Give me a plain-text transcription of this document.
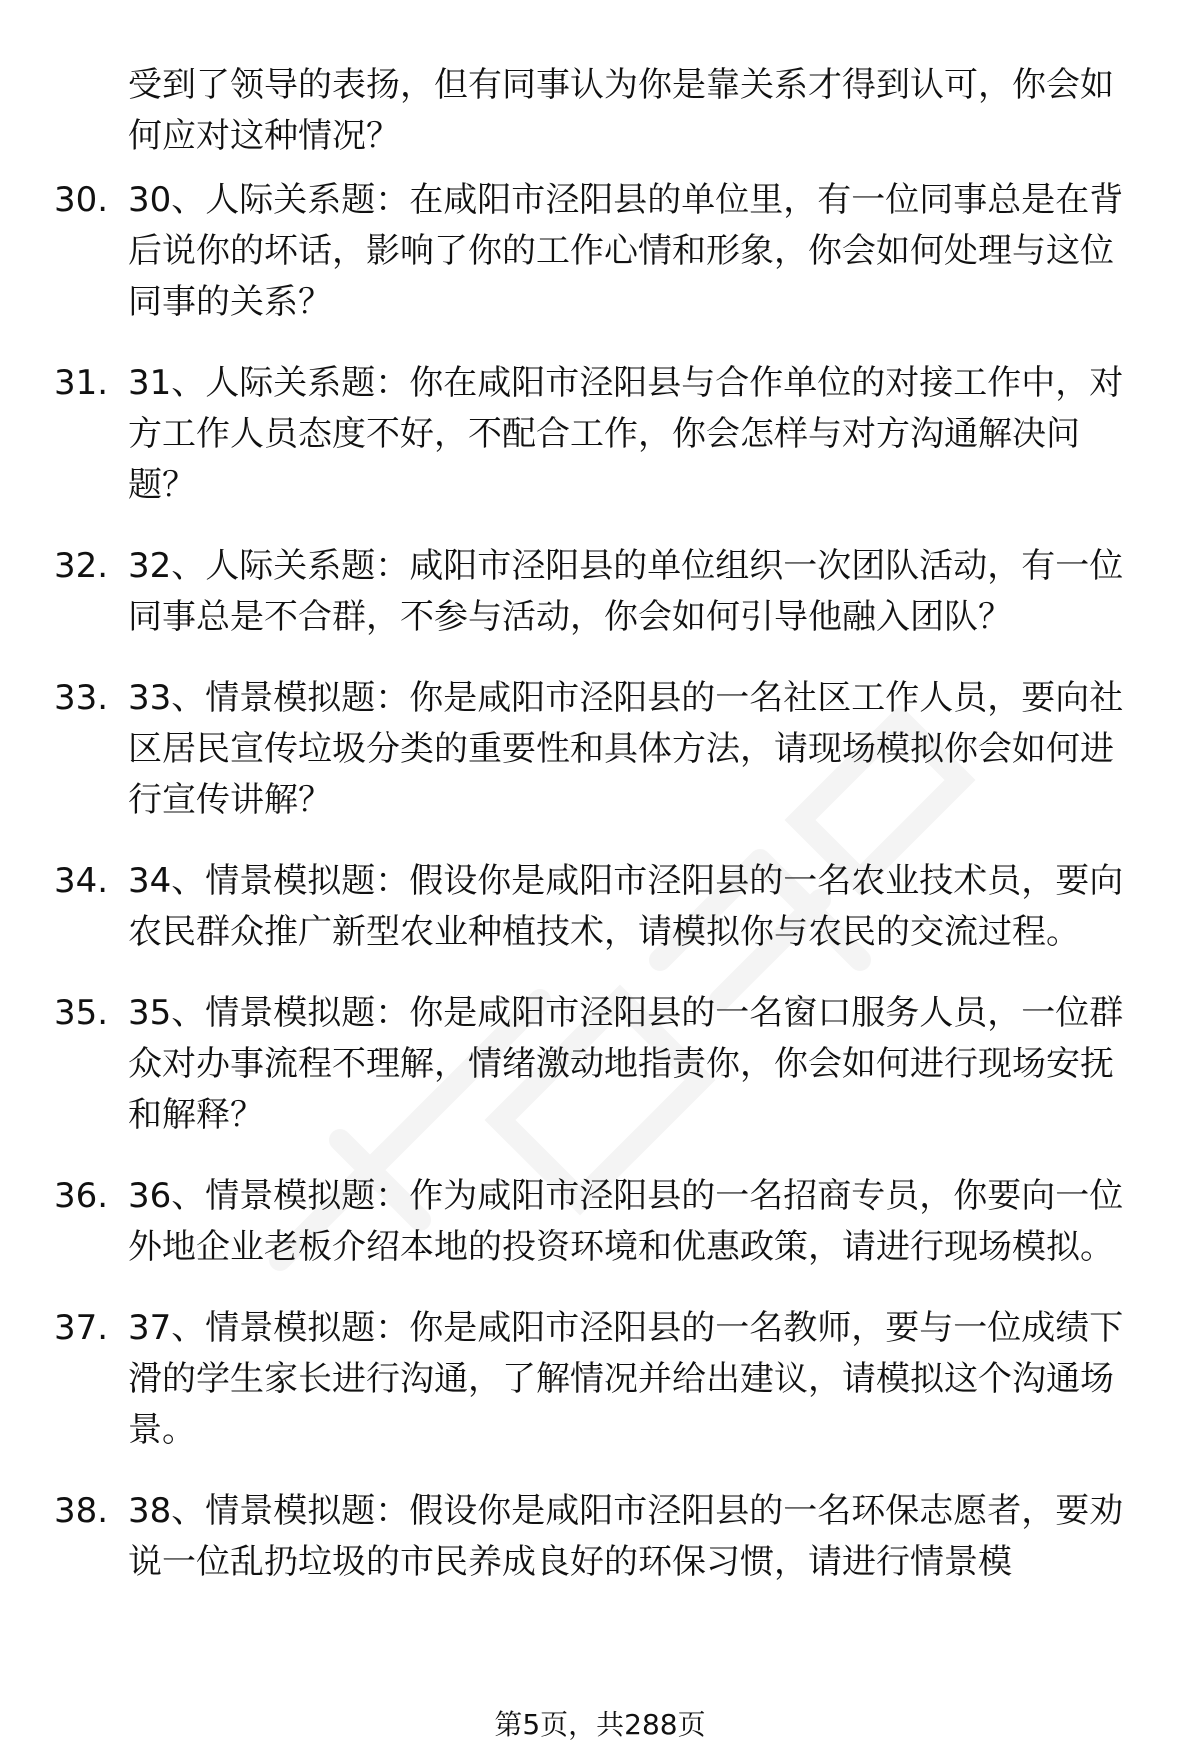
受到了领导的表扬，但有同事认为你是靠关系才得到认可，你会如何应对这种情况？
30. 30、人际关系题：在咸阳市泾阳县的单位里，有一位同事总是在背后说你的坏话，影响了你的工作心情和形象，你会如何处理与这位同事的关系？
31. 31、人际关系题：你在咸阳市泾阳县与合作单位的对接工作中，对方工作人员态度不好，不配合工作，你会怎样与对方沟通解决问题？
32. 32、人际关系题：咸阳市泾阳县的单位组织一次团队活动，有一位同事总是不合群，不参与活动，你会如何引导他融入团队？
33. 33、情景模拟题：你是咸阳市泾阳县的一名社区工作人员，要向社区居民宣传垃圾分类的重要性和具体方法，请现场模拟你会如何进行宣传讲解？
34. 34、情景模拟题：假设你是咸阳市泾阳县的一名农业技术员，要向农民群众推广新型农业种植技术，请模拟你与农民的交流过程。
35. 35、情景模拟题：你是咸阳市泾阳县的一名窗口服务人员，一位群众对办事流程不理解，情绪激动地指责你，你会如何进行现场安抚和解释？
36. 36、情景模拟题：作为咸阳市泾阳县的一名招商专员，你要向一位外地企业老板介绍本地的投资环境和优惠政策，请进行现场模拟。
37. 37、情景模拟题：你是咸阳市泾阳县的一名教师，要与一位成绩下滑的学生家长进行沟通，了解情况并给出建议，请模拟这个沟通场景。
38. 38、情景模拟题：假设你是咸阳市泾阳县的一名环保志愿者，要劝说一位乱扔垃圾的市民养成良好的环保习惯，请进行情景模
第5页，共288页
